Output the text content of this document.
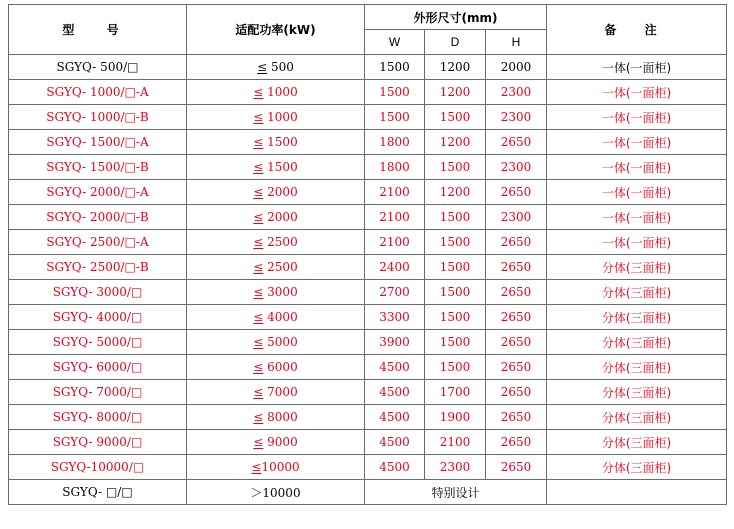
型 号	适配功率(kW)	外形尺寸(mm)			备 注
		W	D	H	
SGYQ- 500/□	≤ 500	1500	1200	2000	一体(一面柜)
SGYQ- 1000/□-A	≤ 1000	1500	1200	2300	一体(一面柜)
SGYQ- 1000/□-B	≤ 1000	1500	1500	2300	一体(一面柜)
SGYQ- 1500/□-A	≤ 1500	1800	1200	2650	一体(一面柜)
SGYQ- 1500/□-B	≤ 1500	1800	1500	2300	一体(一面柜)
SGYQ- 2000/□-A	≤ 2000	2100	1200	2650	一体(一面柜)
SGYQ- 2000/□-B	≤ 2000	2100	1500	2300	一体(一面柜)
SGYQ- 2500/□-A	≤ 2500	2100	1500	2650	一体(一面柜)
SGYQ- 2500/□-B	≤ 2500	2400	1500	2650	分体(三面柜)
SGYQ- 3000/□	≤ 3000	2700	1500	2650	分体(三面柜)
SGYQ- 4000/□	≤ 4000	3300	1500	2650	分体(三面柜)
SGYQ- 5000/□	≤ 5000	3900	1500	2650	分体(三面柜)
SGYQ- 6000/□	≤ 6000	4500	1500	2650	分体(三面柜)
SGYQ- 7000/□	≤ 7000	4500	1700	2650	分体(三面柜)
SGYQ- 8000/□	≤ 8000	4500	1900	2650	分体(三面柜)
SGYQ- 9000/□	≤ 9000	4500	2100	2650	分体(三面柜)
SGYQ-10000/□	≤10000	4500	2300	2650	分体(三面柜)
SGYQ- □/□	＞10000	特别设计			
